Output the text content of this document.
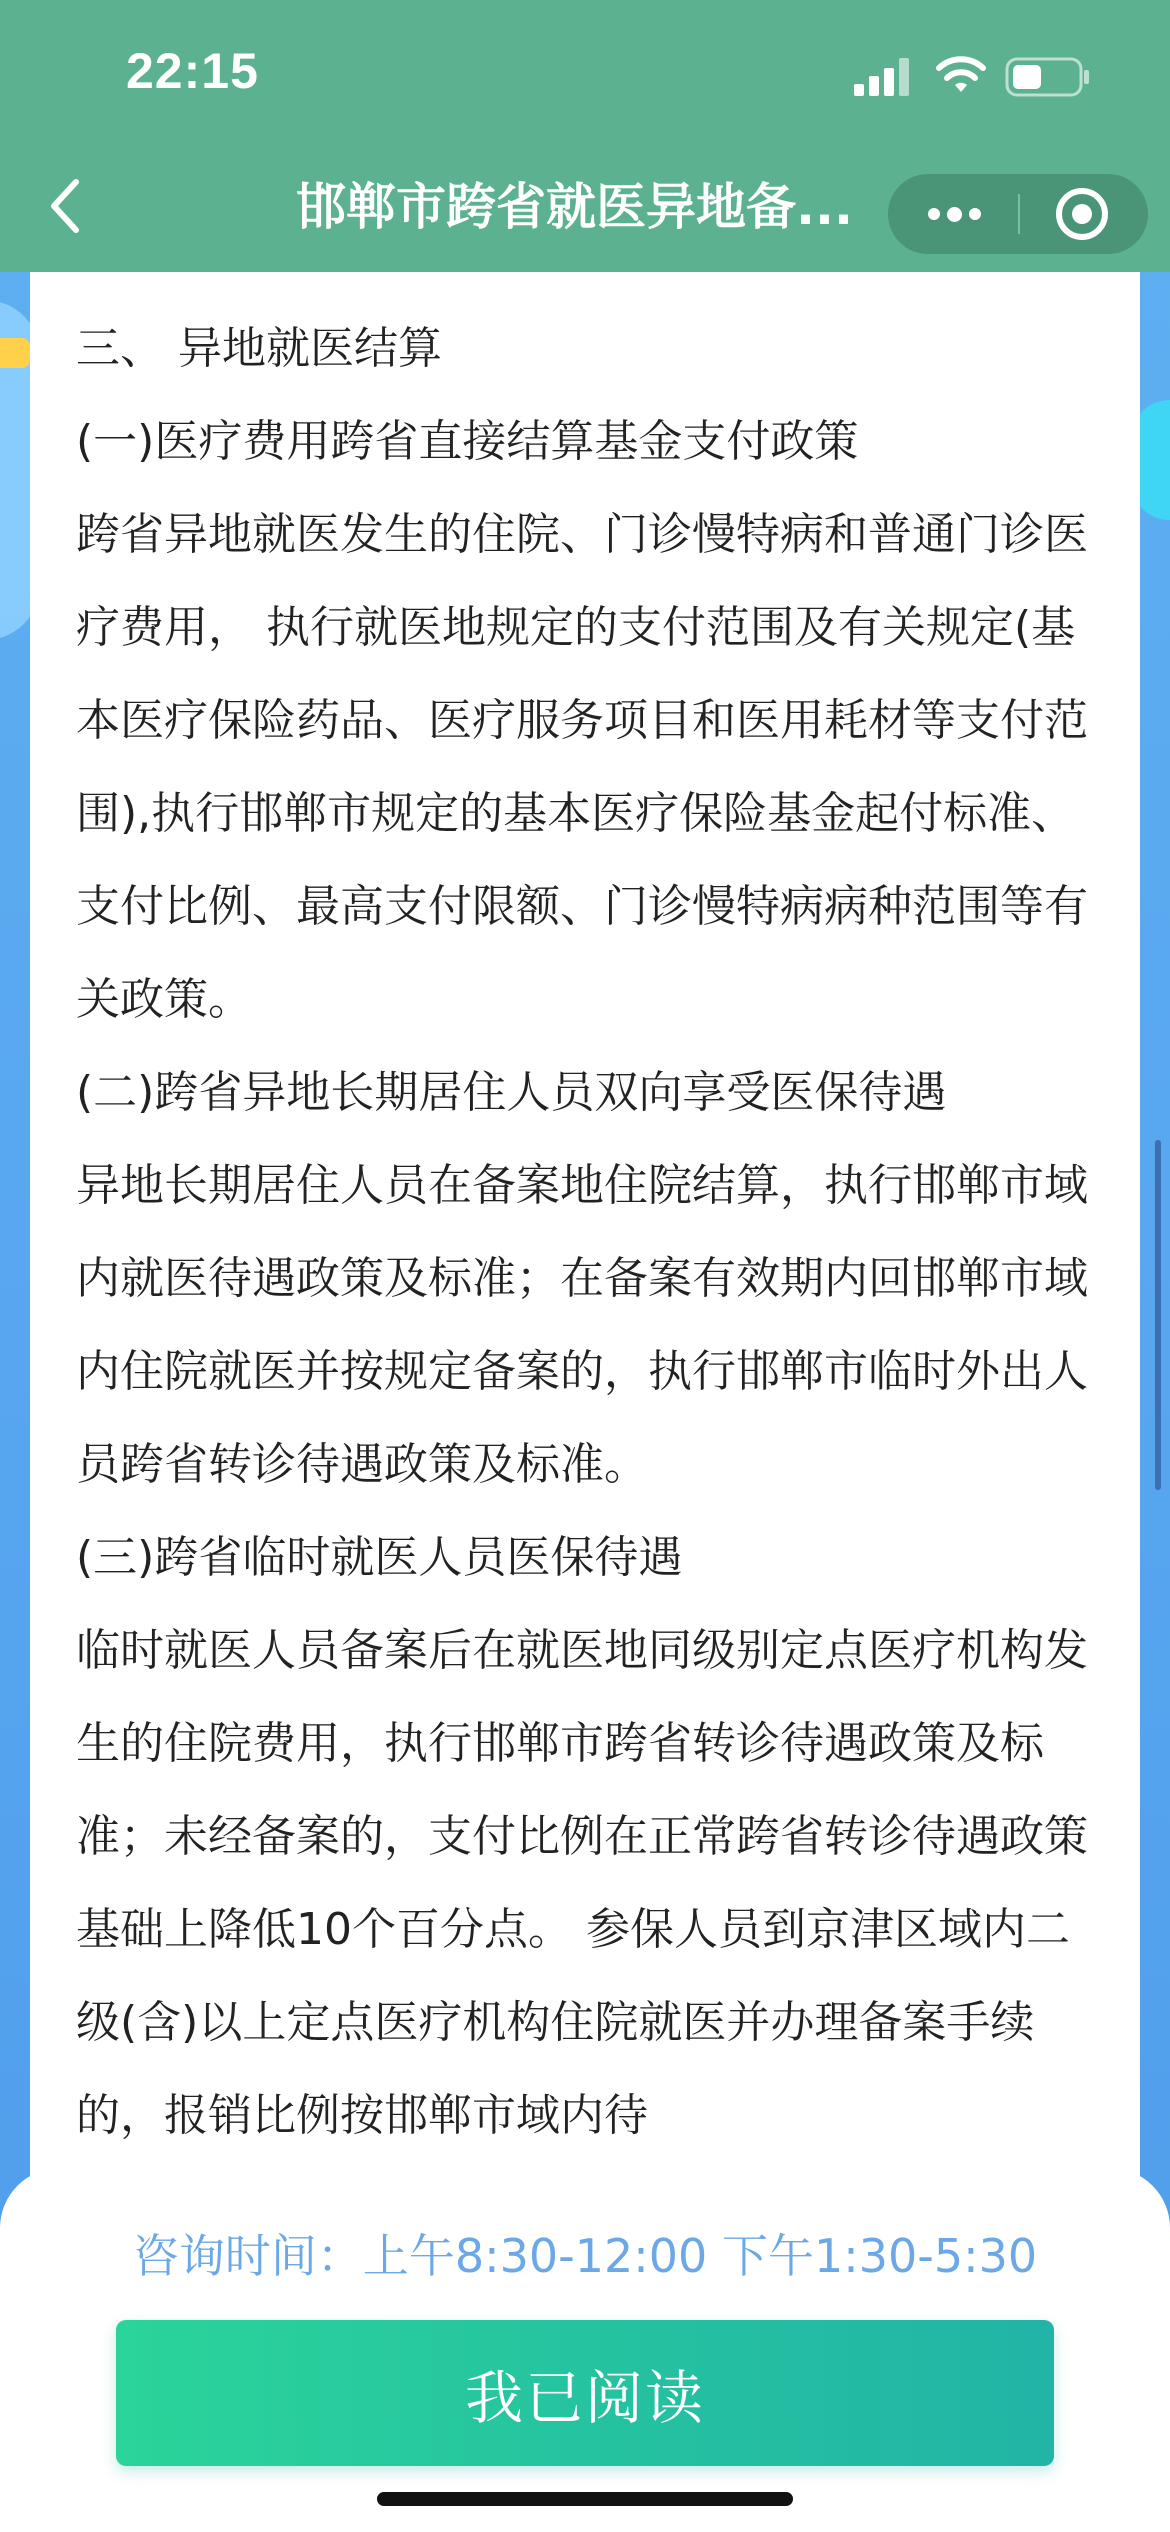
22:15
邯郸市跨省就医异地备...

三、 异地就医结算

(一)医疗费用跨省直接结算基金支付政策

跨省异地就医发生的住院、门诊慢特病和普通门诊医疗费用， 执行就医地规定的支付范围及有关规定(基本医疗保险药品、医疗服务项目和医用耗材等支付范围),执行邯郸市规定的基本医疗保险基金起付标准、支付比例、最高支付限额、门诊慢特病病种范围等有关政策。

(二)跨省异地长期居住人员双向享受医保待遇

异地长期居住人员在备案地住院结算，执行邯郸市域内就医待遇政策及标准；在备案有效期内回邯郸市域内住院就医并按规定备案的，执行邯郸市临时外出人员跨省转诊待遇政策及标准。

(三)跨省临时就医人员医保待遇

临时就医人员备案后在就医地同级别定点医疗机构发生的住院费用，执行邯郸市跨省转诊待遇政策及标准；未经备案的，支付比例在正常跨省转诊待遇政策基础上降低10个百分点。 参保人员到京津区域内二级(含)以上定点医疗机构住院就医并办理备案手续的，报销比例按邯郸市域内待

咨询时间：上午8:30-12:00 下午1:30-5:30
我已阅读
